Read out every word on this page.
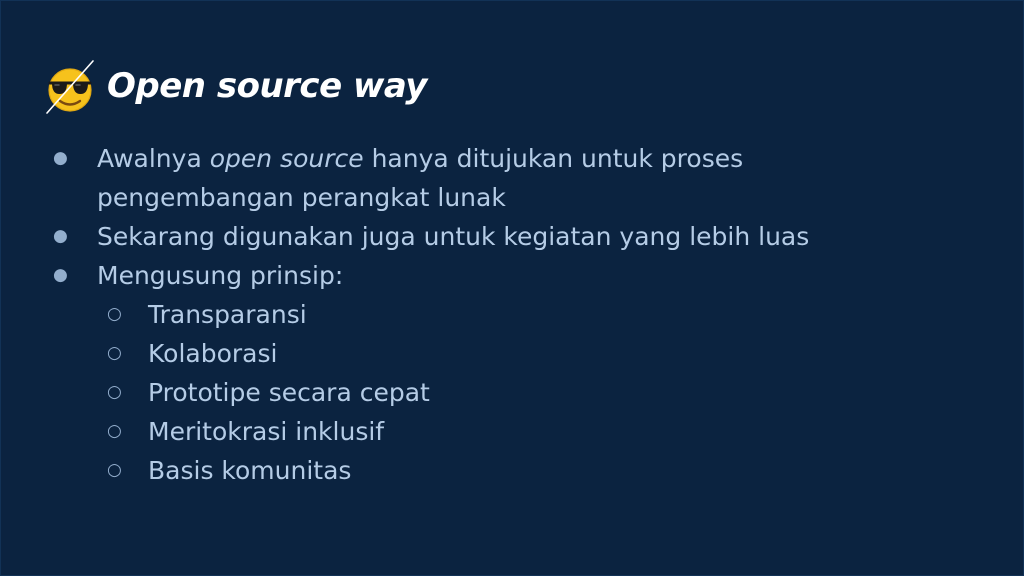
Open source way
● Awalnya open source hanya ditujukan untuk proses
pengembangan perangkat lunak
● Sekarang digunakan juga untuk kegiatan yang lebih luas
● Mengusung prinsip:
○ Transparansi
○ Kolaborasi
○ Prototipe secara cepat
○ Meritokrasi inklusif
○ Basis komunitas
